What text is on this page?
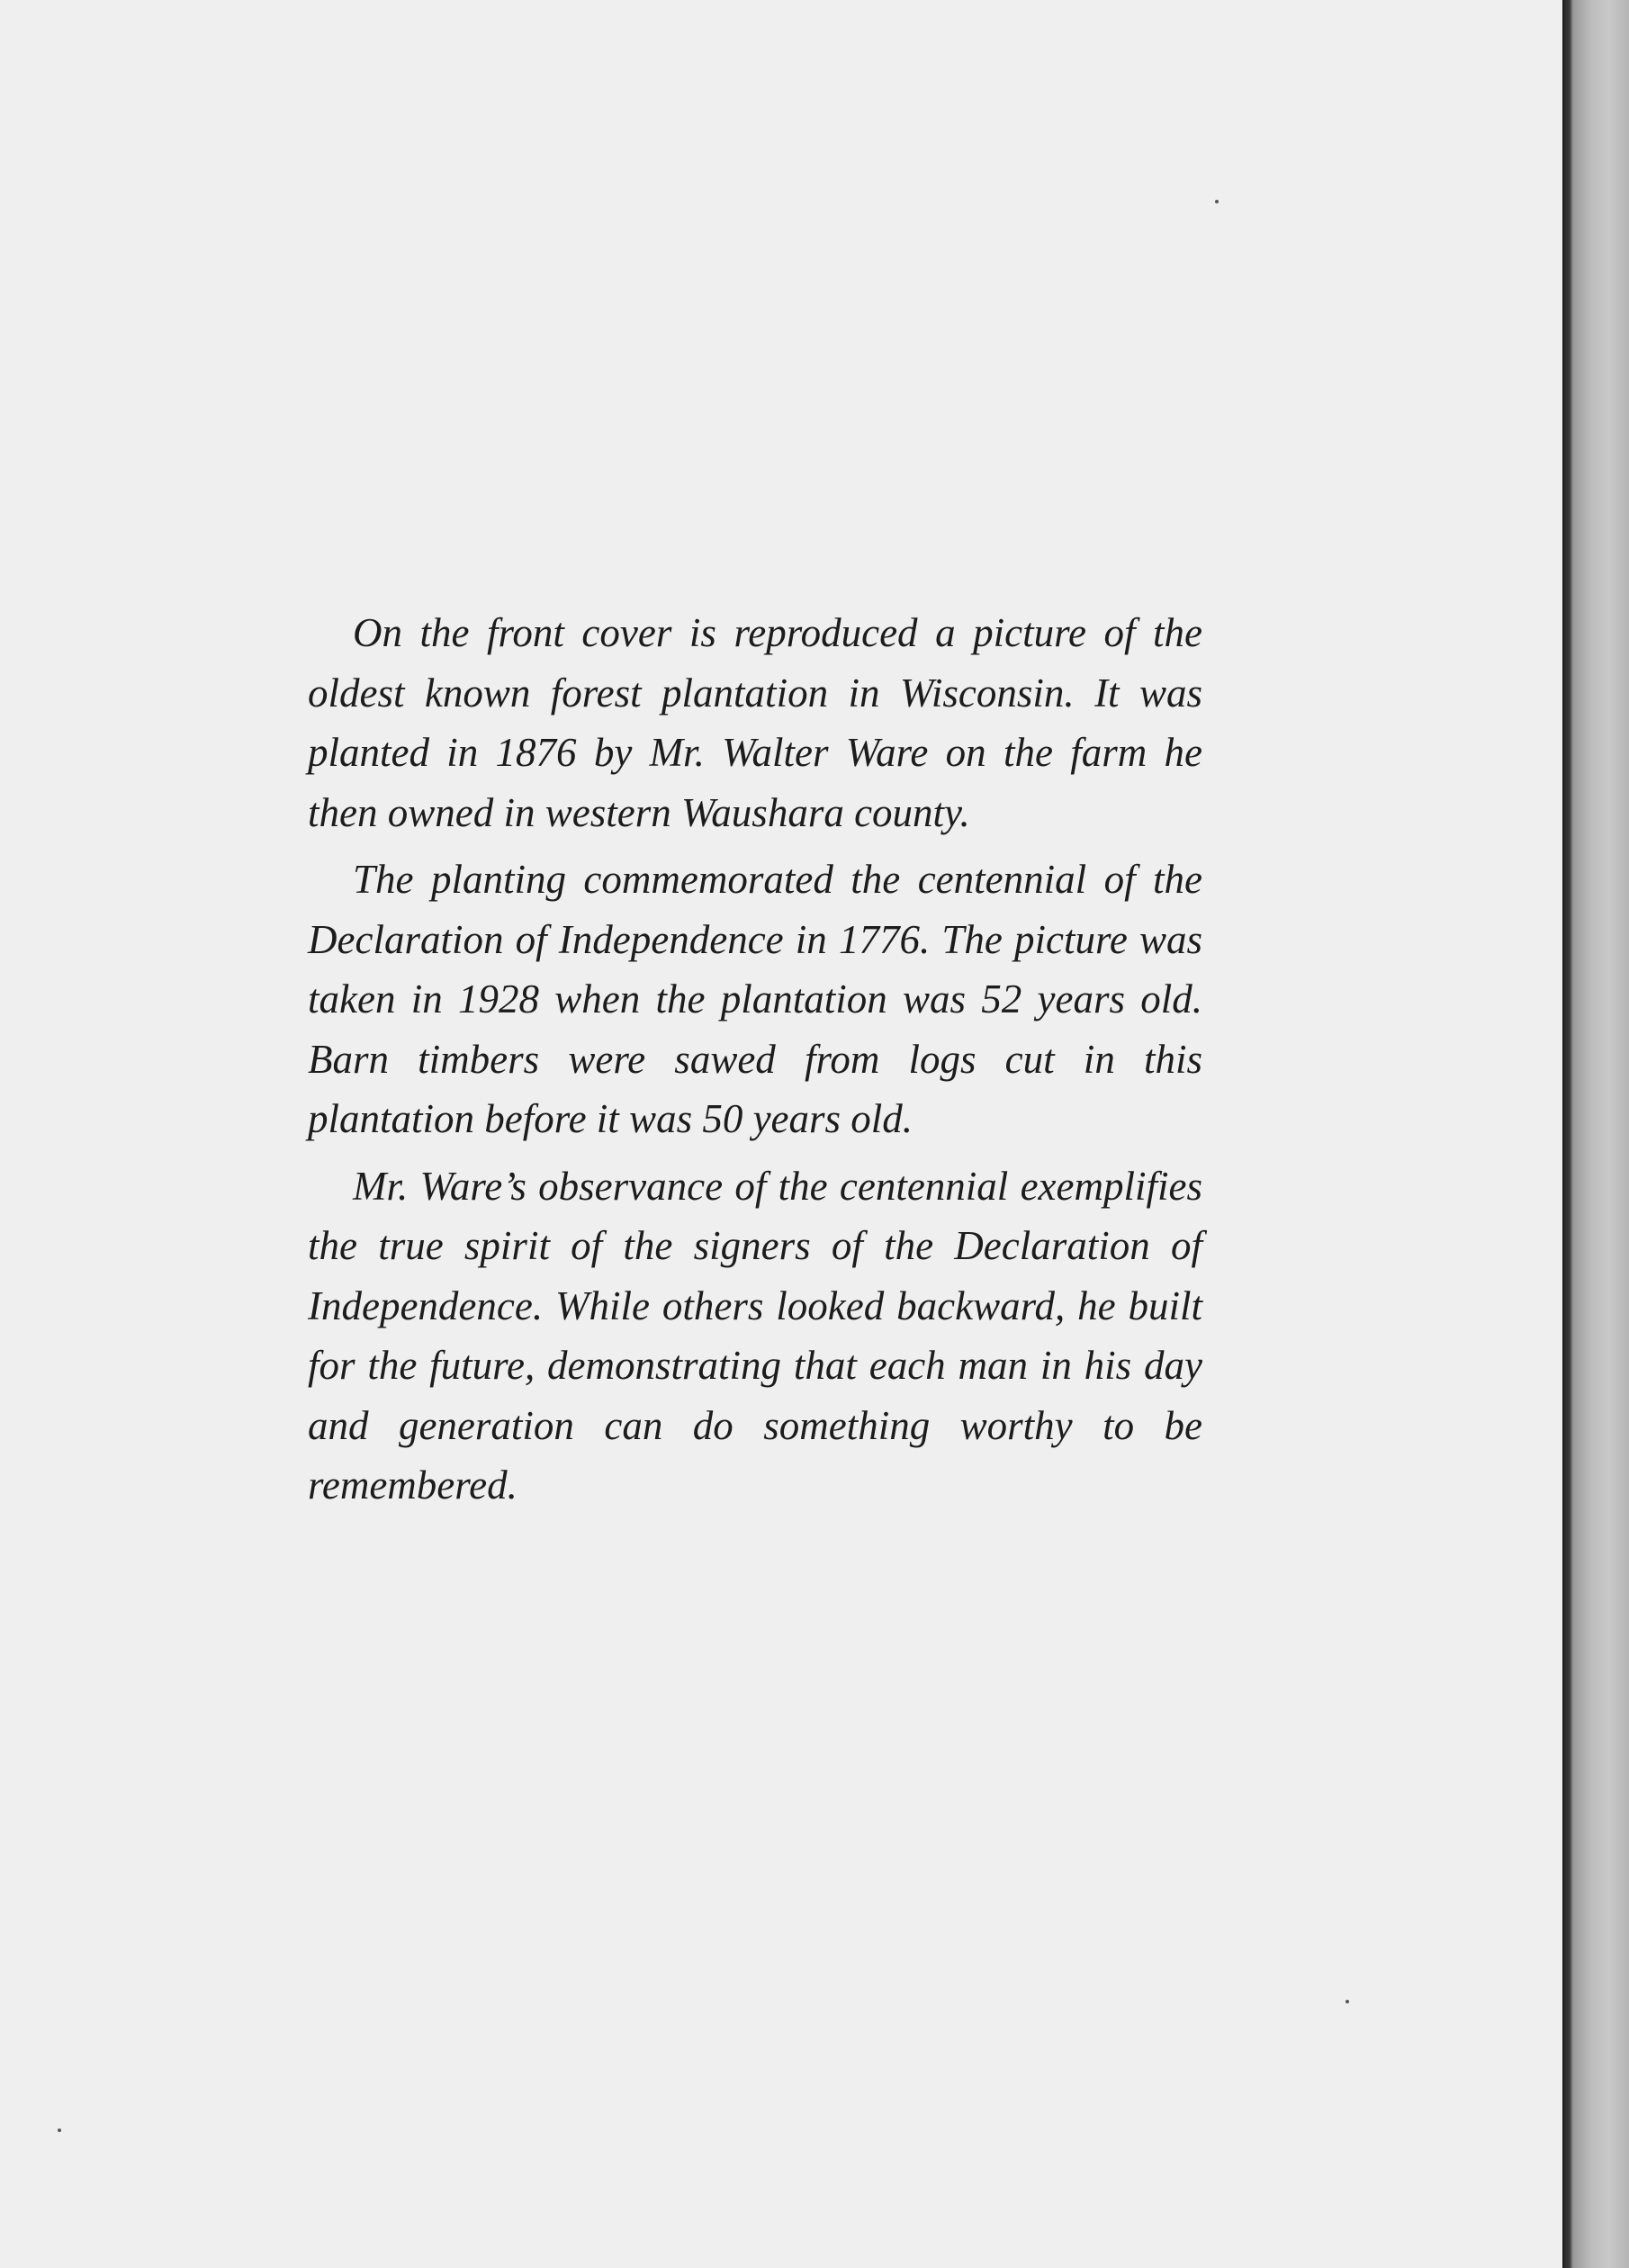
On the front cover is reproduced a picture of the oldest known forest plantation in Wisconsin. It was planted in 1876 by Mr. Walter Ware on the farm he then owned in western Waushara county.

The planting commemorated the centennial of the Declaration of Independence in 1776. The picture was taken in 1928 when the plantation was 52 years old. Barn timbers were sawed from logs cut in this plantation before it was 50 years old.

Mr. Ware’s observance of the centennial exemplifies the true spirit of the signers of the Declaration of Independence. While others looked backward, he built for the future, demonstrating that each man in his day and generation can do something worthy to be remembered.
